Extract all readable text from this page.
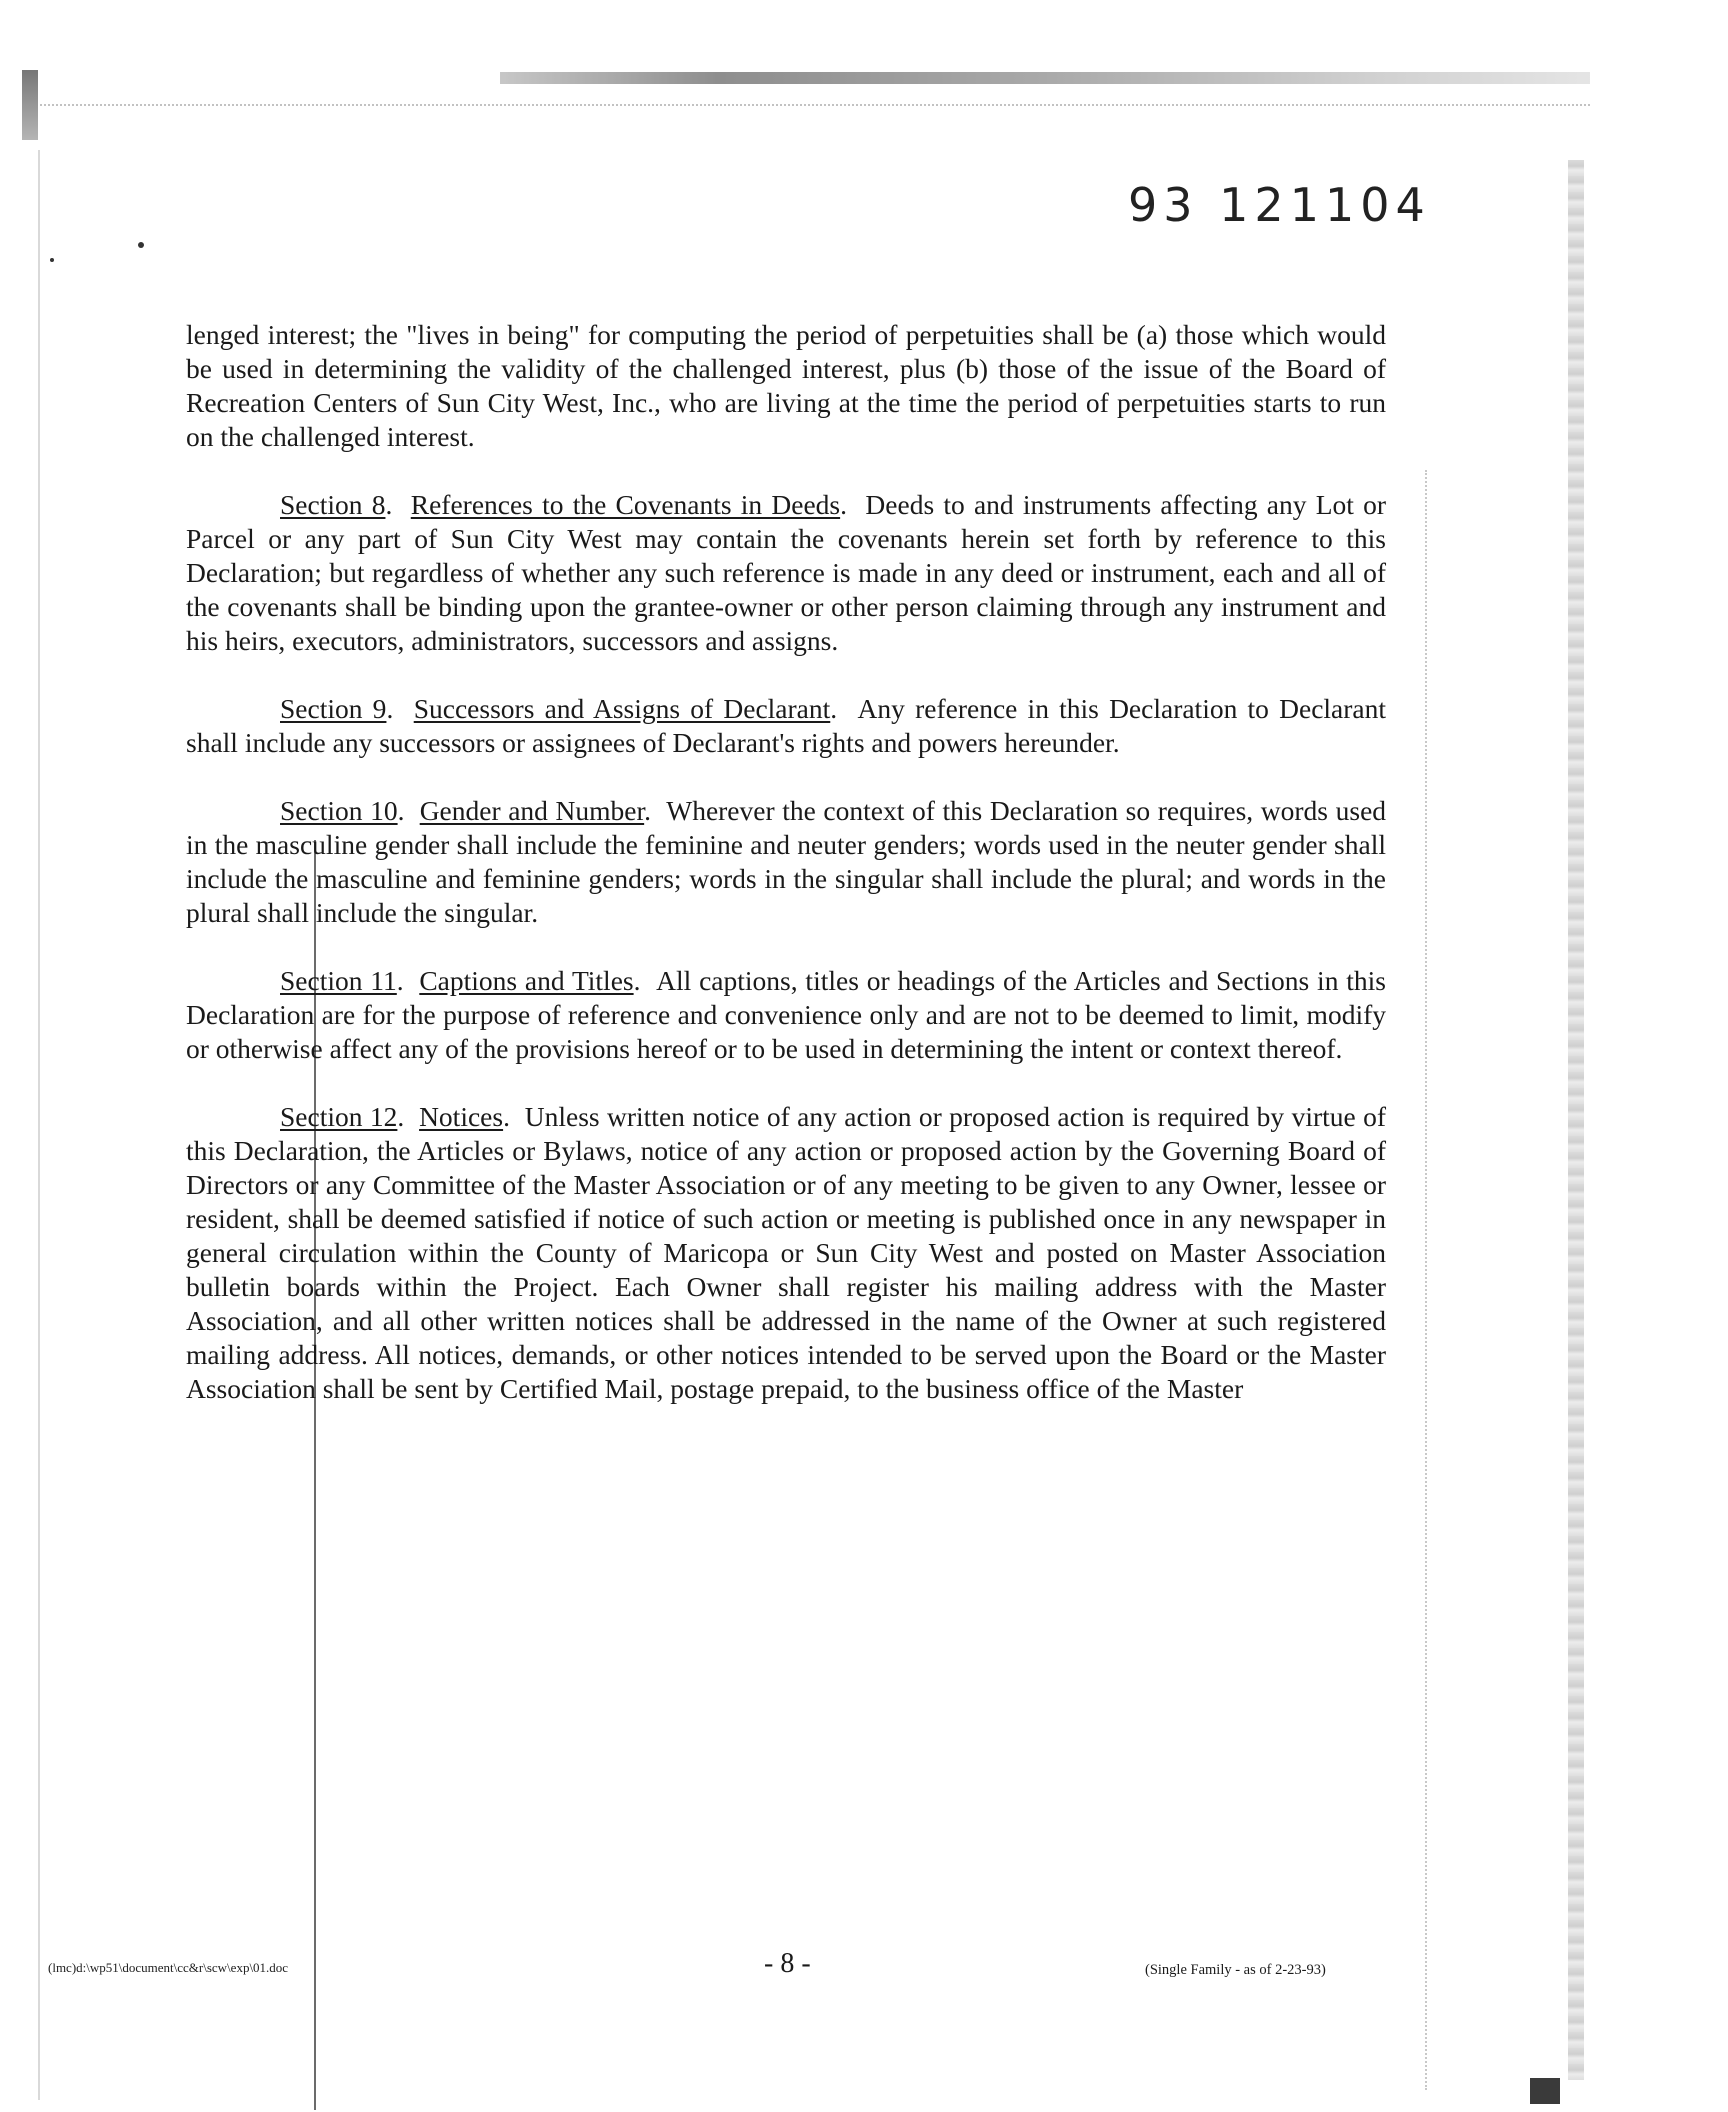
93 121104

lenged interest; the "lives in being" for computing the period of perpetuities shall be (a) those which would be used in determining the validity of the challenged interest, plus (b) those of the issue of the Board of Recreation Centers of Sun City West, Inc., who are living at the time the period of perpetuities starts to run on the challenged interest.

Section 8.  References to the Covenants in Deeds.  Deeds to and instruments affecting any Lot or Parcel or any part of Sun City West may contain the covenants herein set forth by reference to this Declaration; but regardless of whether any such reference is made in any deed or instrument, each and all of the covenants shall be binding upon the grantee-owner or other person claiming through any instrument and his heirs, executors, administrators, successors and assigns.

Section 9.  Successors and Assigns of Declarant.  Any reference in this Declaration to Declarant shall include any successors or assignees of Declarant's rights and powers hereunder.

Section 10.  Gender and Number.  Wherever the context of this Declaration so requires, words used in the masculine gender shall include the feminine and neuter genders; words used in the neuter gender shall include the masculine and feminine genders; words in the singular shall include the plural; and words in the plural shall include the singular.

Section 11.  Captions and Titles.  All captions, titles or headings of the Articles and Sections in this Declaration are for the purpose of reference and convenience only and are not to be deemed to limit, modify or otherwise affect any of the provisions hereof or to be used in determining the intent or context thereof.

Section 12.  Notices.  Unless written notice of any action or proposed action is required by virtue of this Declaration, the Articles or Bylaws, notice of any action or proposed action by the Governing Board of Directors or any Committee of the Master Association or of any meeting to be given to any Owner, lessee or resident, shall be deemed satisfied if notice of such action or meeting is published once in any newspaper in general circulation within the County of Maricopa or Sun City West and posted on Master Association bulletin boards within the Project. Each Owner shall register his mailing address with the Master Association, and all other written notices shall be addressed in the name of the Owner at such registered mailing address. All notices, demands, or other notices intended to be served upon the Board or the Master Association shall be sent by Certified Mail, postage prepaid, to the business office of the Master

(lmc)d:\wp51\document\cc&r\scw\exp\01.doc	- 8 -	(Single Family - as of 2-23-93)
